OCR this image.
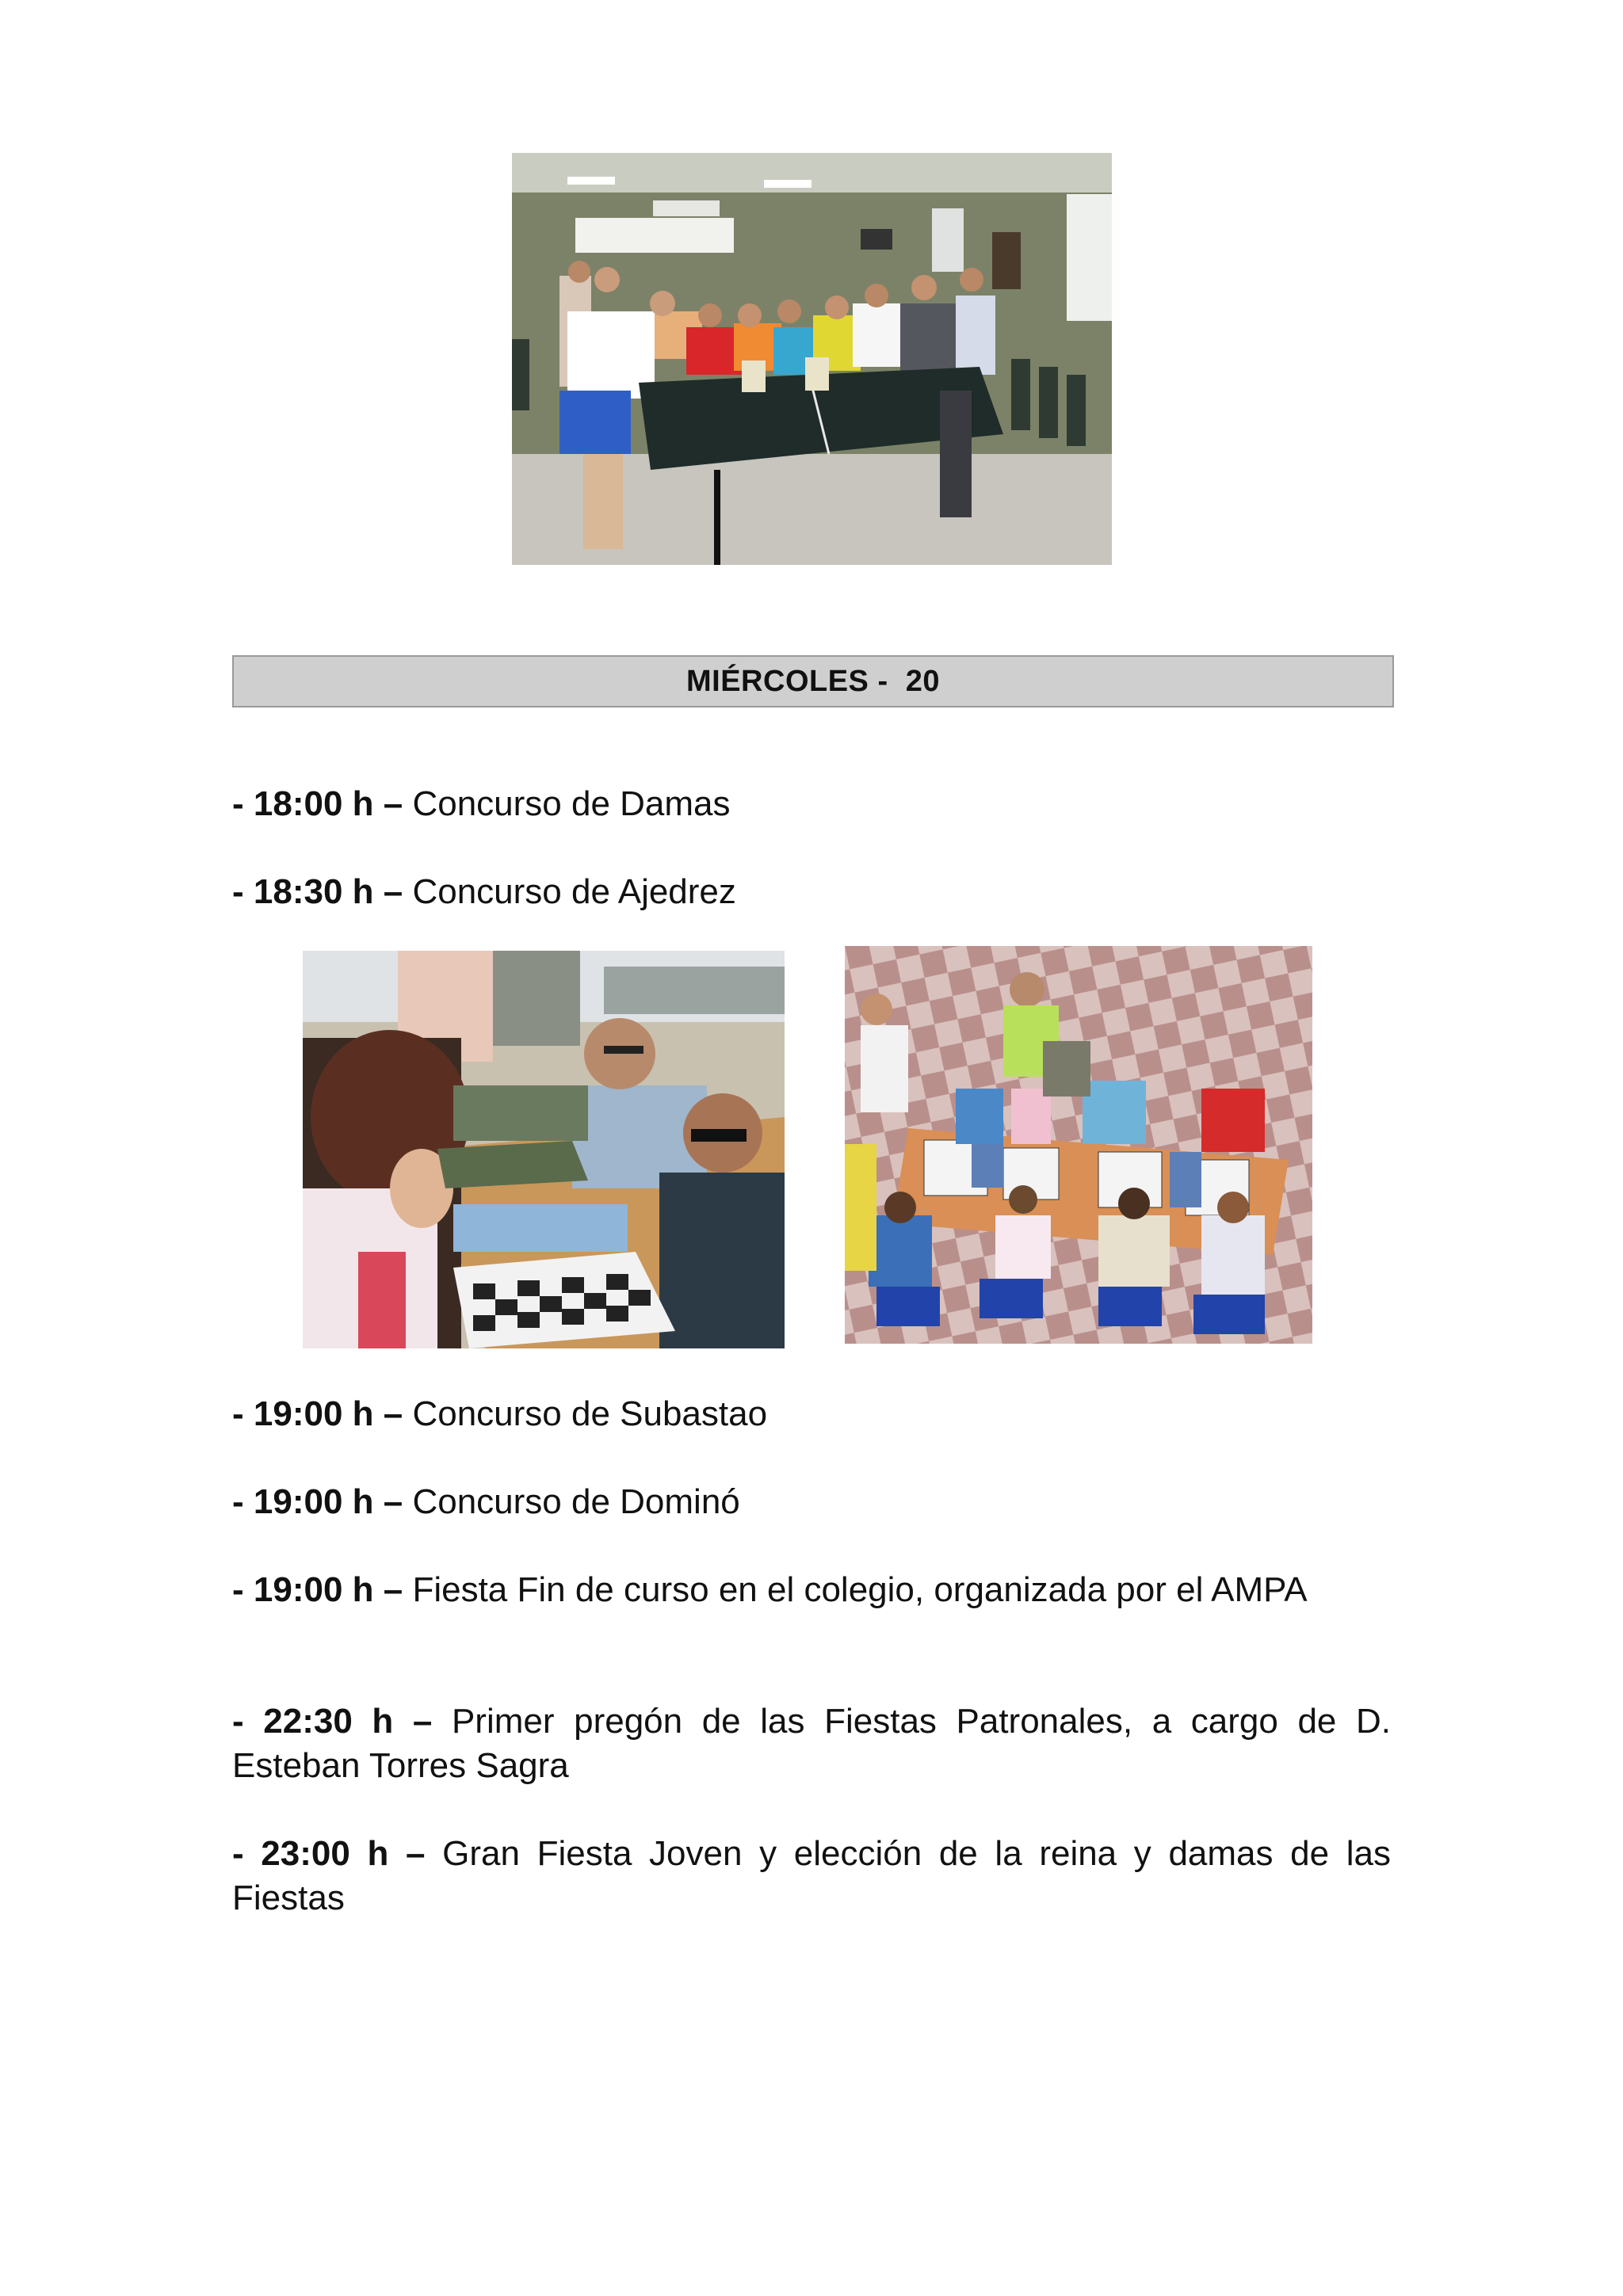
MIÉRCOLES -  20
- 18:00 h – Concurso de Damas
- 18:30 h – Concurso de Ajedrez
- 19:00 h – Concurso de Subastao
- 19:00 h – Concurso de Dominó
- 19:00 h – Fiesta Fin de curso en el colegio, organizada por el AMPA
- 22:30 h – Primer pregón de las Fiestas Patronales, a cargo de D. Esteban Torres Sagra
- 23:00 h – Gran Fiesta Joven y elección de la reina y damas de las Fiestas
